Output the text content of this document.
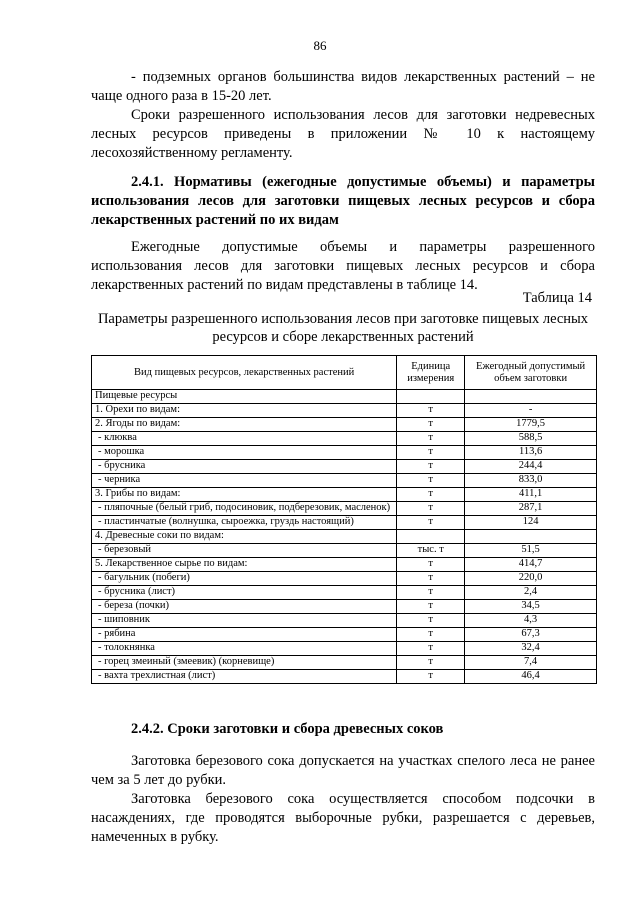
86
- подземных органов большинства видов лекарственных растений – не чаще одного раза в 15-20 лет.
Сроки разрешенного использования лесов для заготовки недревесных лесных ресурсов приведены в приложении № 10 к настоящему лесохозяйственному регламенту.
2.4.1. Нормативы (ежегодные допустимые объемы) и параметры использования лесов для заготовки пищевых лесных ресурсов и сбора лекарственных растений по их видам
Ежегодные допустимые объемы и параметры разрешенного использования лесов для заготовки пищевых лесных ресурсов и сбора лекарственных растений по видам представлены в таблице 14.
Таблица 14
Параметры разрешенного использования лесов при заготовке пищевых лесных ресурсов и сборе лекарственных растений
Вид пищевых ресурсов, лекарственных растений	Единица измерения	Ежегодный допустимый объем заготовки
Пищевые ресурсы		
1. Орехи по видам:	т	-
2. Ягоды по видам:	т	1779,5
- клюква	т	588,5
- морошка	т	113,6
- брусника	т	244,4
- черника	т	833,0
3. Грибы по видам:	т	411,1
- пляпочные (белый гриб, подосиновик, подберезовик, масленок)	т	287,1
- пластинчатые (волнушка, сыроежка, груздь настоящий)	т	124
4. Древесные соки по видам:		
- березовый	тыс. т	51,5
5. Лекарственное сырье по видам:	т	414,7
- багульник (побеги)	т	220,0
- брусника (лист)	т	2,4
- береза (почки)	т	34,5
- шиповник	т	4,3
- рябина	т	67,3
- толокнянка	т	32,4
- горец змеиный (змеевик) (корневище)	т	7,4
- вахта трехлистная (лист)	т	46,4
2.4.2. Сроки заготовки и сбора древесных соков
Заготовка березового сока допускается на участках спелого леса не ранее чем за 5 лет до рубки.
Заготовка березового сока осуществляется способом подсочки в насаждениях, где проводятся выборочные рубки, разрешается с деревьев, намеченных в рубку.
